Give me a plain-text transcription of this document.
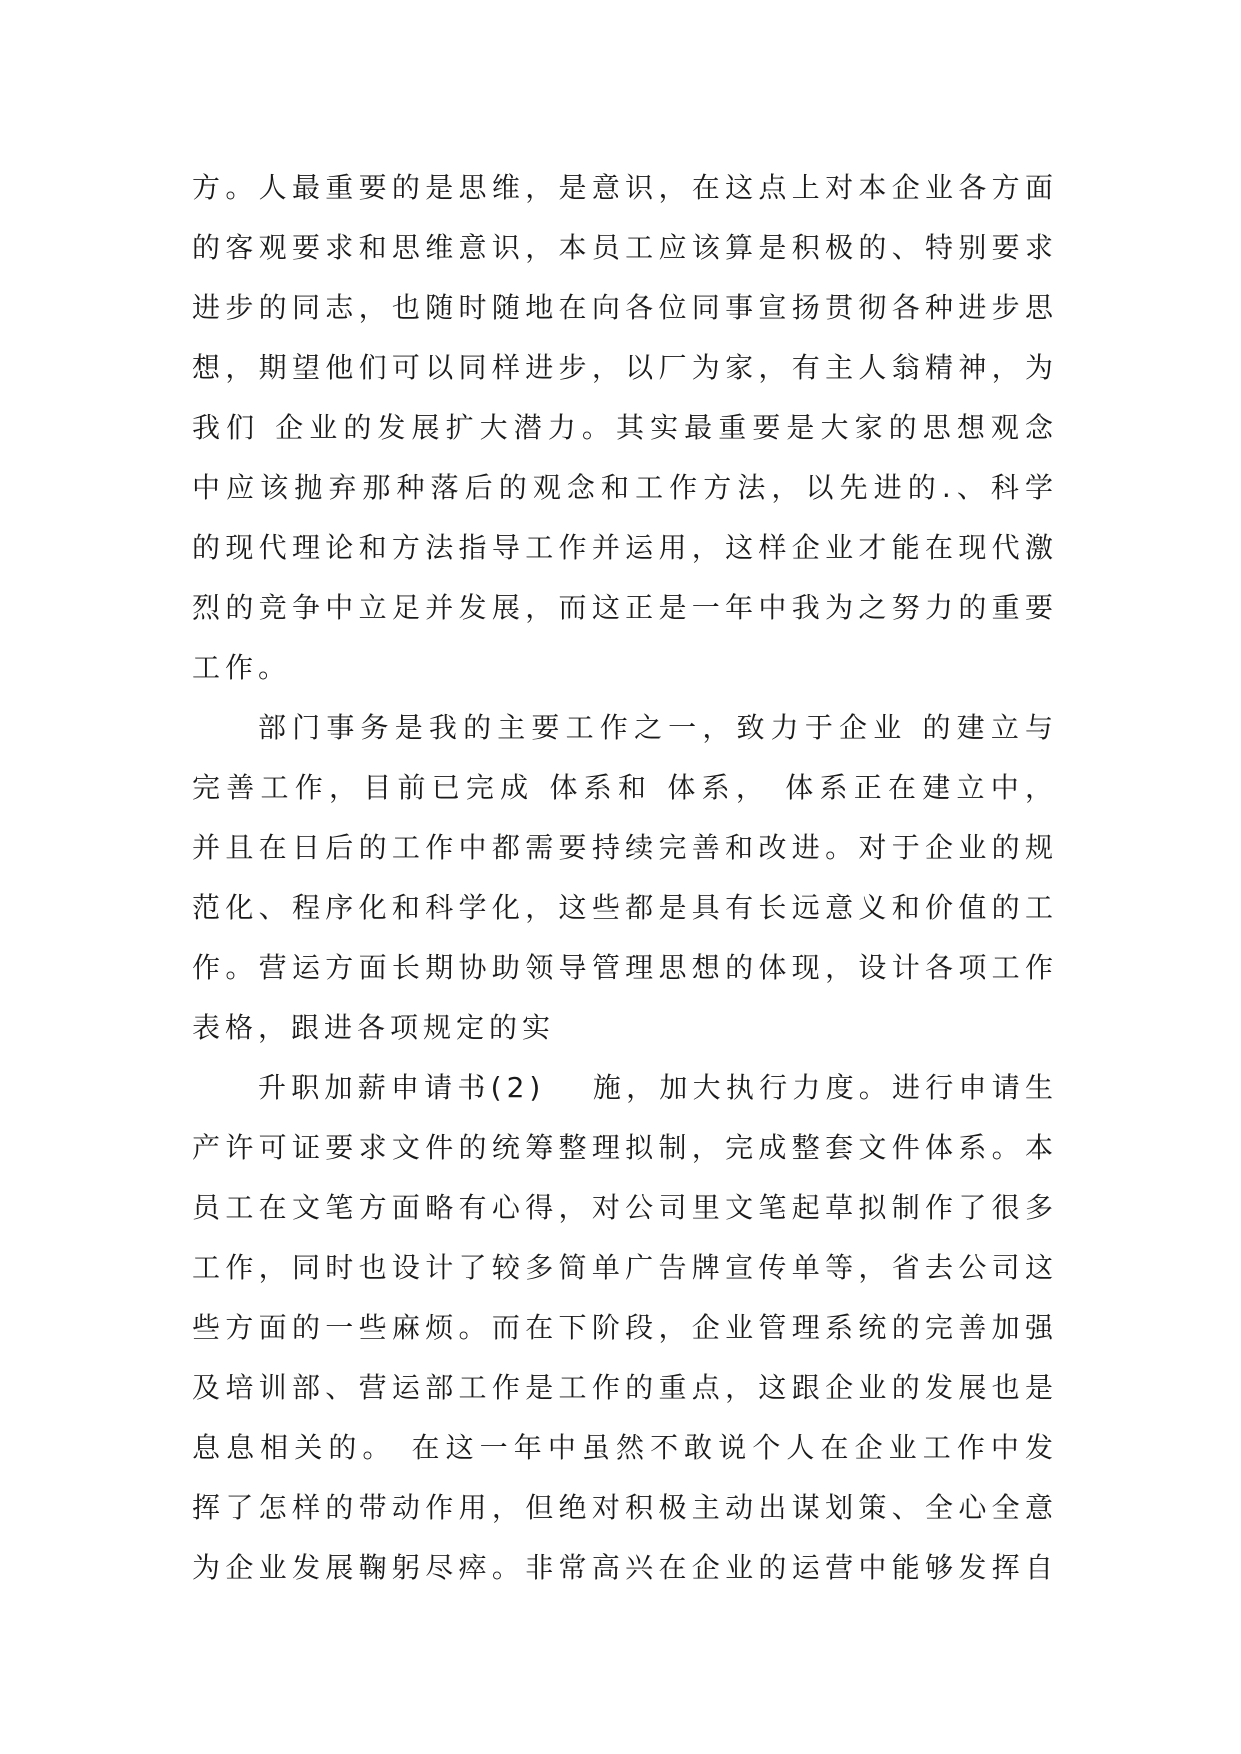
方。人最重要的是思维，是意识，在这点上对本企业各方面
的客观要求和思维意识，本员工应该算是积极的、特别要求
进步的同志，也随时随地在向各位同事宣扬贯彻各种进步思
想，期望他们可以同样进步，以厂为家，有主人翁精神，为
我们 企业的发展扩大潜力。其实最重要是大家的思想观念
中应该抛弃那种落后的观念和工作方法，以先进的.、科学
的现代理论和方法指导工作并运用，这样企业才能在现代激
烈的竞争中立足并发展，而这正是一年中我为之努力的重要
工作。
部门事务是我的主要工作之一，致力于企业 的建立与
完善工作，目前已完成 体系和 体系， 体系正在建立中，
并且在日后的工作中都需要持续完善和改进。对于企业的规
范化、程序化和科学化，这些都是具有长远意义和价值的工
作。营运方面长期协助领导管理思想的体现，设计各项工作
表格，跟进各项规定的实
升职加薪申请书(2)　 施，加大执行力度。进行申请生
产许可证要求文件的统筹整理拟制，完成整套文件体系。本
员工在文笔方面略有心得，对公司里文笔起草拟制作了很多
工作，同时也设计了较多简单广告牌宣传单等，省去公司这
些方面的一些麻烦。而在下阶段，企业管理系统的完善加强
及培训部、营运部工作是工作的重点，这跟企业的发展也是
息息相关的。 在这一年中虽然不敢说个人在企业工作中发
挥了怎样的带动作用，但绝对积极主动出谋划策、全心全意
为企业发展鞠躬尽瘁。非常高兴在企业的运营中能够发挥自
